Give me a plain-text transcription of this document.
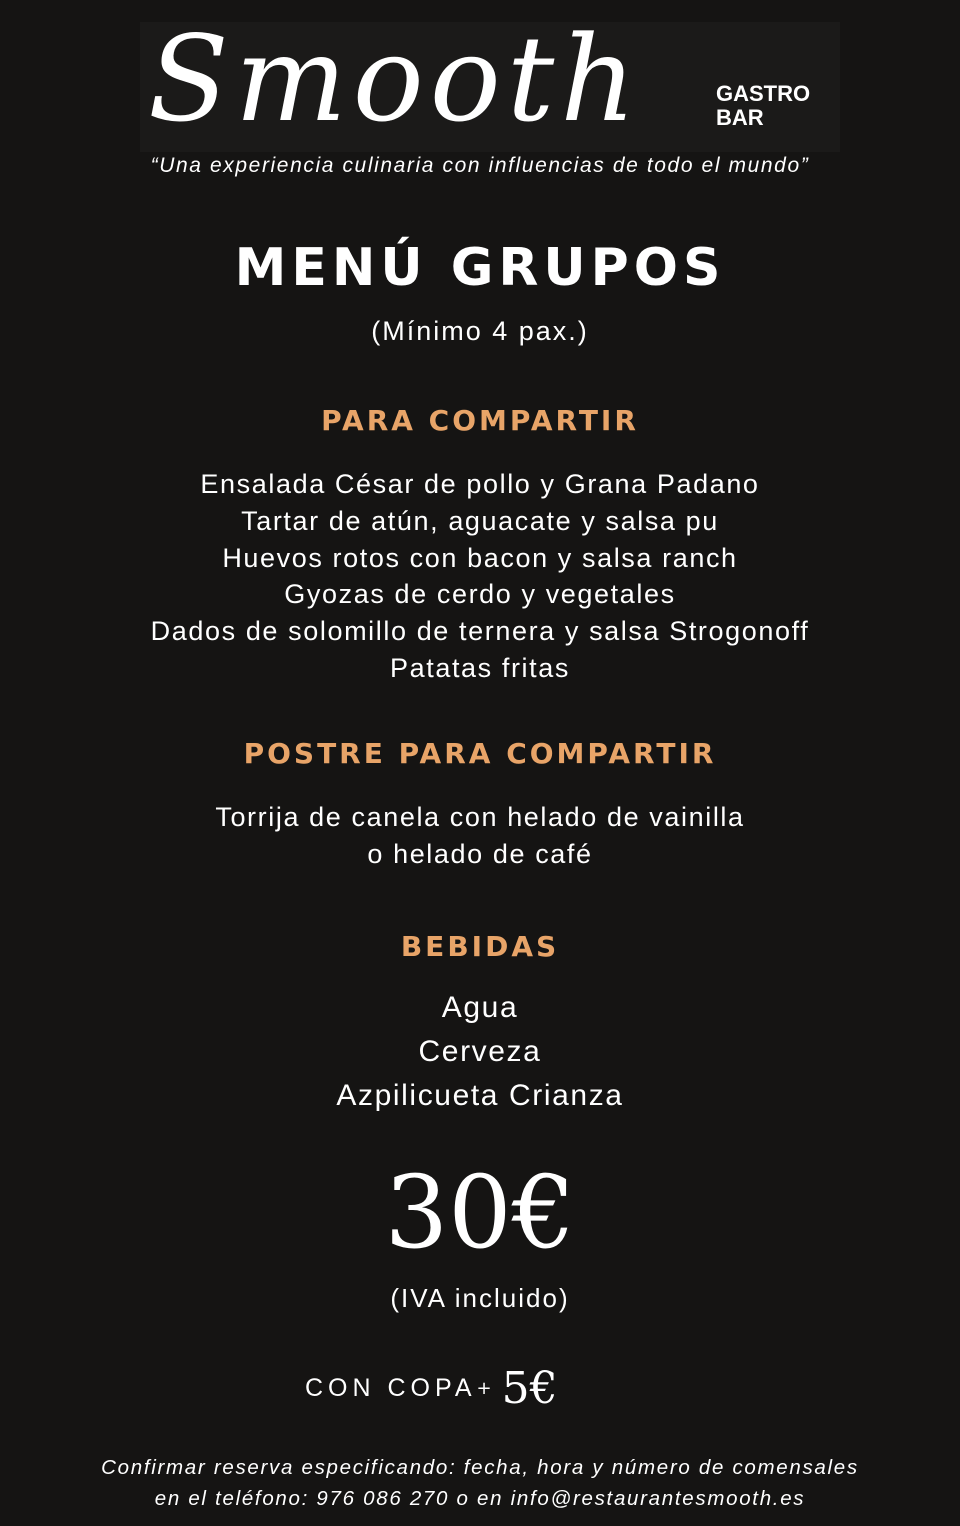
Smooth	GASTRO
BAR
“Una experiencia culinaria con influencias de todo el mundo”
MENÚ GRUPOS
(Mínimo 4 pax.)
PARA COMPARTIR
Ensalada César de pollo y Grana Padano
Tartar de atún, aguacate y salsa pu
Huevos rotos con bacon y salsa ranch
Gyozas de cerdo y vegetales
Dados de solomillo de ternera y salsa Strogonoff
Patatas fritas
POSTRE PARA COMPARTIR
Torrija de canela con helado de vainilla
o helado de café
BEBIDAS
Agua
Cerveza
Azpilicueta Crianza
30€
(IVA incluido)
CON COPA + 5€
Confirmar reserva especificando: fecha, hora y número de comensales
en el teléfono: 976 086 270 o en info@restaurantesmooth.es
